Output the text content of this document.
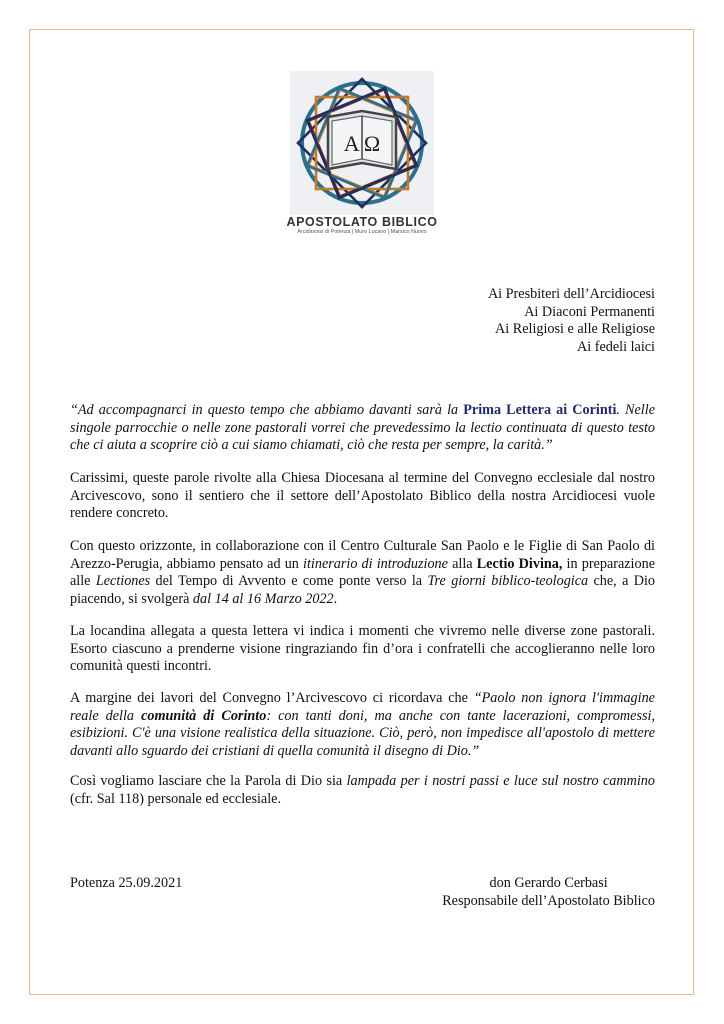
A Ω
APOSTOLATO BIBLICO
Arcidiocesi di Potenza | Muro Lucano | Marsico Nuovo
Ai Presbiteri dell’Arcidiocesi
Ai Diaconi Permanenti
Ai Religiosi e alle Religiose
Ai fedeli laici

“Ad accompagnarci in questo tempo che abbiamo davanti sarà la Prima Lettera ai Corinti. Nelle singole parrocchie o nelle zone pastorali vorrei che prevedessimo la lectio continuata di questo testo che ci aiuta a scoprire ciò a cui siamo chiamati, ciò che resta per sempre, la carità.”

Carissimi, queste parole rivolte alla Chiesa Diocesana al termine del Convegno ecclesiale dal nostro Arcivescovo, sono il sentiero che il settore dell’Apostolato Biblico della nostra Arcidiocesi vuole rendere concreto.

Con questo orizzonte, in collaborazione con il Centro Culturale San Paolo e le Figlie di San Paolo di Arezzo-Perugia, abbiamo pensato ad un itinerario di introduzione alla Lectio Divina, in preparazione alle Lectiones del Tempo di Avvento e come ponte verso la Tre giorni biblico-teologica che, a Dio piacendo, si svolgerà dal 14 al 16 Marzo 2022.

La locandina allegata a questa lettera vi indica i momenti che vivremo nelle diverse zone pastorali. Esorto ciascuno a prenderne visione ringraziando fin d’ora i confratelli che accoglieranno nelle loro comunità questi incontri.

A margine dei lavori del Convegno l’Arcivescovo ci ricordava che “Paolo non ignora l'immagine reale della comunità di Corinto: con tanti doni, ma anche con tante lacerazioni, compromessi, esibizioni. C'è una visione realistica della situazione. Ciò, però, non impedisce all'apostolo di mettere davanti allo sguardo dei cristiani di quella comunità il disegno di Dio.”

Così vogliamo lasciare che la Parola di Dio sia lampada per i nostri passi e luce sul nostro cammino (cfr. Sal 118) personale ed ecclesiale.

Potenza 25.09.2021	don Gerardo Cerbasi
Responsabile dell’Apostolato Biblico
